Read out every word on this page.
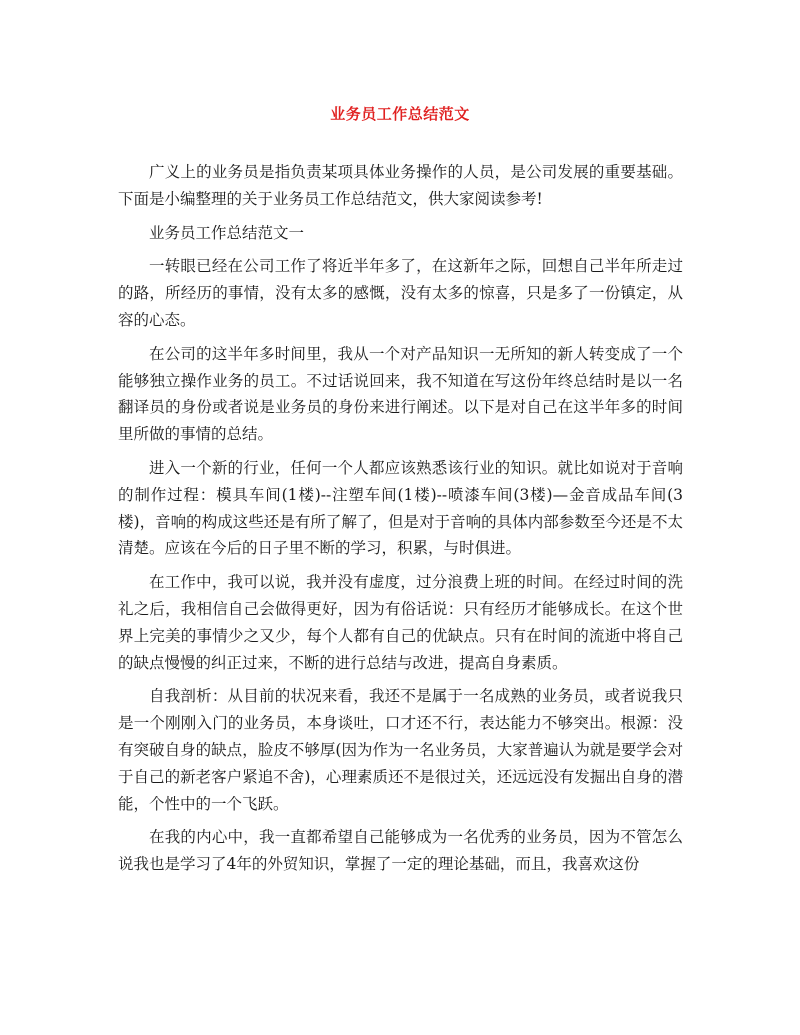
业务员工作总结范文

广义上的业务员是指负责某项具体业务操作的人员，是公司发展的重要基础。下面是小编整理的关于业务员工作总结范文，供大家阅读参考!

业务员工作总结范文一

一转眼已经在公司工作了将近半年多了，在这新年之际，回想自己半年所走过的路，所经历的事情，没有太多的感慨，没有太多的惊喜，只是多了一份镇定，从容的心态。

在公司的这半年多时间里，我从一个对产品知识一无所知的新人转变成了一个能够独立操作业务的员工。不过话说回来，我不知道在写这份年终总结时是以一名翻译员的身份或者说是业务员的身份来进行阐述。以下是对自己在这半年多的时间里所做的事情的总结。

进入一个新的行业，任何一个人都应该熟悉该行业的知识。就比如说对于音响的制作过程：模具车间(1楼)--注塑车间(1楼)--喷漆车间(3楼)—金音成品车间(3楼)，音响的构成这些还是有所了解了，但是对于音响的具体内部参数至今还是不太清楚。应该在今后的日子里不断的学习，积累，与时俱进。

在工作中，我可以说，我并没有虚度，过分浪费上班的时间。在经过时间的洗礼之后，我相信自己会做得更好，因为有俗话说：只有经历才能够成长。在这个世界上完美的事情少之又少，每个人都有自己的优缺点。只有在时间的流逝中将自己的缺点慢慢的纠正过来，不断的进行总结与改进，提高自身素质。

自我剖析：从目前的状况来看，我还不是属于一名成熟的业务员，或者说我只是一个刚刚入门的业务员，本身谈吐，口才还不行，表达能力不够突出。根源：没有突破自身的缺点，脸皮不够厚(因为作为一名业务员，大家普遍认为就是要学会对于自己的新老客户紧追不舍)，心理素质还不是很过关，还远远没有发掘出自身的潜能，个性中的一个飞跃。

在我的内心中，我一直都希望自己能够成为一名优秀的业务员，因为不管怎么说我也是学习了4年的外贸知识，掌握了一定的理论基础，而且，我喜欢这份
